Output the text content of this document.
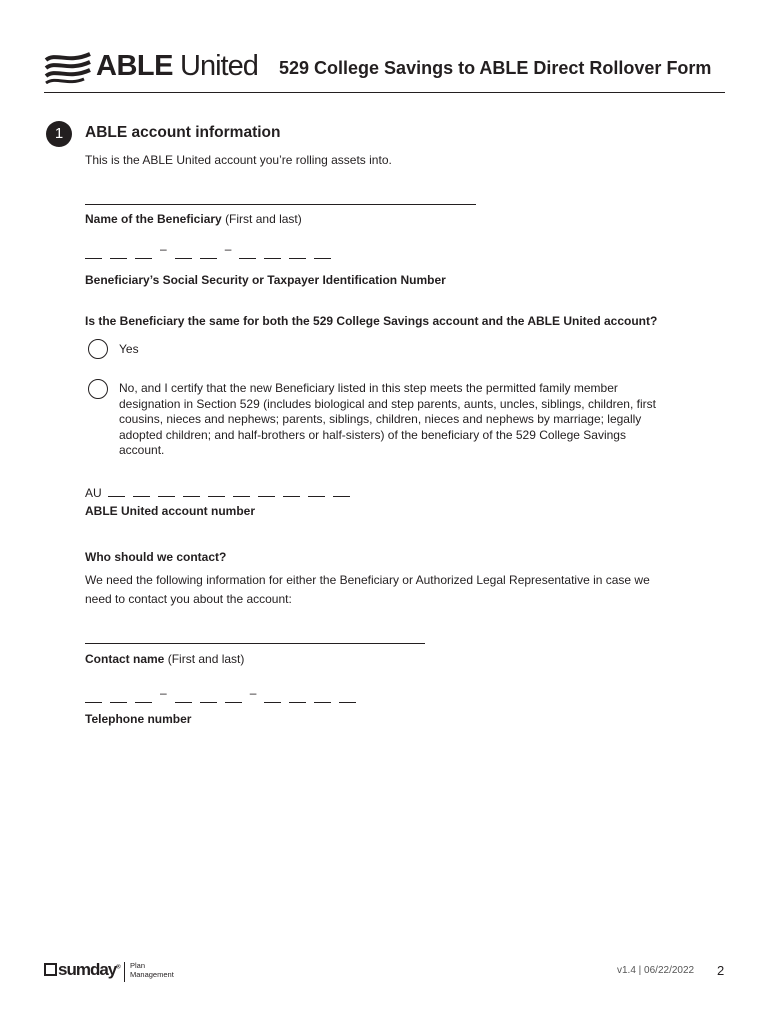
ABLE United 529 College Savings to ABLE Direct Rollover Form
1	ABLE account information
This is the ABLE United account you’re rolling assets into.
Name of the Beneficiary (First and last)
–	–
Beneficiary’s Social Security or Taxpayer Identification Number
Is the Beneficiary the same for both the 529 College Savings account and the ABLE United account?
Yes
No, and I certify that the new Beneficiary listed in this step meets the permitted family member designation in Section 529 (includes biological and step parents, aunts, uncles, siblings, children, first cousins, nieces and nephews; parents, siblings, children, nieces and nephews by marriage; legally adopted children; and half-brothers or half-sisters) of the beneficiary of the 529 College Savings account.
AU
ABLE United account number
Who should we contact?
We need the following information for either the Beneficiary or Authorized Legal Representative in case we need to contact you about the account:
Contact name (First and last)
–	–
Telephone number
sumday® Plan
Management	v1.4 | 06/22/2022 2
